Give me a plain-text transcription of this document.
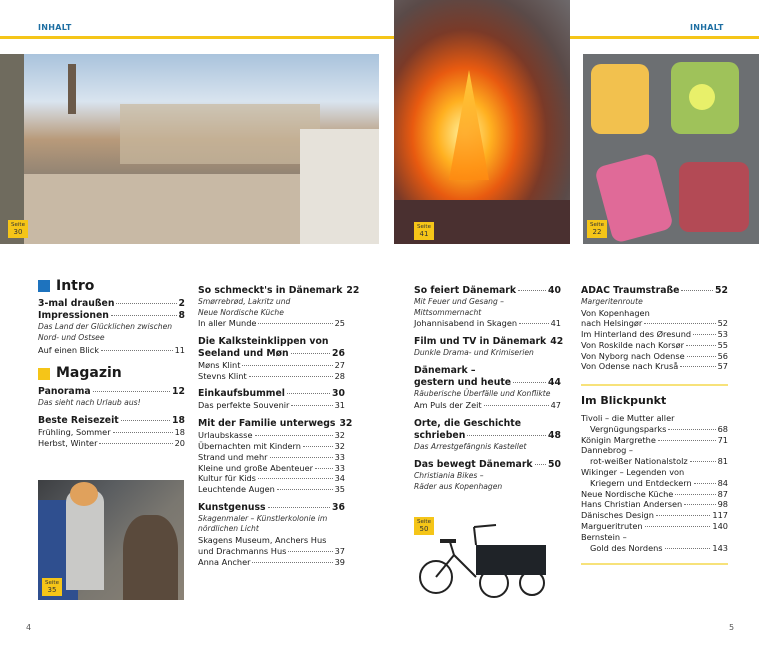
INHALT
Seite
30
Intro
3-mal draußen	2
Impressionen	8
Das Land der Glücklichen zwischen
Nord- und Ostsee
Auf einen Blick	11
Magazin
Panorama	12
Das sieht nach Urlaub aus!
Beste Reisezeit	18
Frühling, Sommer	18
Herbst, Winter	20
Seite
35
So schmeckt's in Dänemark 22
Smørrebrød, Lakritz und
Neue Nordische Küche
In aller Munde	25
Die Kalksteinklippen von
Seeland und Møn	26
Møns Klint	27
Stevns Klint	28
Einkaufsbummel	30
Das perfekte Souvenir	31
Mit der Familie unterwegs 32
Urlaubskasse	32
Übernachten mit Kindern	32
Strand und mehr	33
Kleine und große Abenteuer	33
Kultur für Kids	34
Leuchtende Augen	35
Kunstgenuss	36
Skagenmaler – Künstlerkolonie im
nördlichen Licht
Skagens Museum, Anchers Hus
und Drachmanns Hus	37
Anna Ancher	39
4
Seite
41
INHALT
Seite
22
So feiert Dänemark	40
Mit Feuer und Gesang –
Mittsommernacht
Johannisabend in Skagen	41
Film und TV in Dänemark 42
Dunkle Drama- und Krimiserien
Dänemark –
gestern und heute	44
Räuberische Überfälle und Konflikte
Am Puls der Zeit	47
Orte, die Geschichte
schrieben	48
Das Arrestgefängnis Kastellet
Das bewegt Dänemark 50
Christiania Bikes –
Räder aus Kopenhagen
Seite
50
ADAC Traumstraße	52
Margeritenroute
Von Kopenhagen
nach Helsingør	52
Im Hinterland des Øresund	53
Von Roskilde nach Korsør	55
Von Nyborg nach Odense	56
Von Odense nach Kruså	57
Im Blickpunkt
Tivoli – die Mutter aller
Vergnügungsparks	68
Königin Margrethe	71
Dannebrog –
rot-weißer Nationalstolz	81
Wikinger – Legenden von
Kriegern und Entdeckern	84
Neue Nordische Küche	87
Hans Christian Andersen	98
Dänisches Design	117
Margueritruten	140
Bernstein –
Gold des Nordens	143
5
